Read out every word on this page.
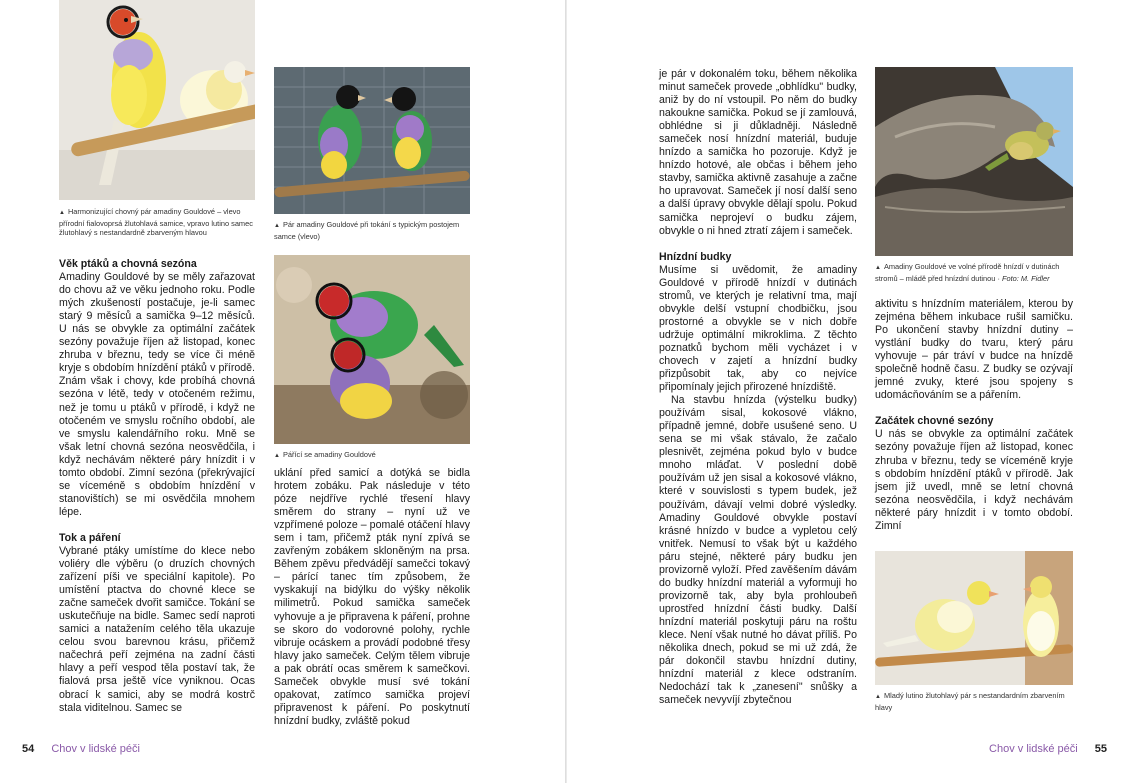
▲ Harmonizující chovný pár amadiny Gouldové – vlevo přírodní fialovoprsá žlutohlavá samice, vpravo lutino samec žlutohlavý s nestandardně zbarveným hlavou
▲ Pár amadiny Gouldové při tokání s typickým postojem samce (vlevo)
▲ Pářící se amadiny Gouldové

Věk ptáků a chovná sezóna

Amadiny Gouldové by se měly zařazovat do chovu až ve věku jednoho roku. Podle mých zkušeností postačuje, je-li samec starý 9 měsíců a samička 9–12 měsíců. U nás se obvykle za optimální začátek sezóny považuje říjen až listopad, konec zhruba v březnu, tedy se více či méně kryje s obdobím hnízdění ptáků v přírodě. Znám však i chovy, kde probíhá chovná sezóna v létě, tedy v otočeném režimu, než je tomu u ptáků v přírodě, i když ne otočeném ve smyslu ročního období, ale ve smyslu kalendářního roku. Mně se však letní chovná sezóna neosvědčila, i když nechávám některé páry hnízdit i v tomto období. Zimní sezóna (překrývající se víceméně s obdobím hnízdění v stanovištích) se mi osvědčila mnohem lépe.

Tok a páření

Vybrané ptáky umístíme do klece nebo voliéry dle výběru (o druzích chovných zařízení píši ve speciální kapitole). Po umístění ptactva do chovné klece se začne sameček dvořit samičce. Tokání se uskutečňuje na bidle. Samec sedí naproti samici a natažením celého těla ukazuje celou svou barevnou krásu, přičemž načechrá peří zejména na zadní části hlavy a peří vespod těla postaví tak, že fialová prsa ještě více vyniknou. Ocas obrací k samici, aby se modrá kostrč stala viditelnou. Samec se

uklání před samicí a dotýká se bidla hrotem zobáku. Pak následuje v této póze nejdříve rychlé třesení hlavy směrem do strany – nyní už ve vzpřímené poloze – pomalé otáčení hlavy sem i tam, přičemž pták nyní zpívá se zavřeným zobákem skloněným na prsa. Během zpěvu předvádějí samečci tokavý – párící tanec tím způsobem, že vyskakují na bidýlku do výšky několik milimetrů. Pokud samička sameček vyhovuje a je připravena k páření, prohne se skoro do vodorovné polohy, rychle vibruje ocáskem a provádí podobné třesy hlavy jako sameček. Celým tělem vibruje a pak obrátí ocas směrem k samečkovi. Sameček obvykle musí své tokání opakovat, zatímco samička projeví připravenost k páření. Po poskytnutí hnízdní budky, zvláště pokud

54 Chov v lidské péči

je pár v dokonalém toku, během několika minut sameček provede „obhlídku" budky, aniž by do ní vstoupil. Po něm do budky nakoukne samička. Pokud se jí zamlouvá, obhlédne si ji důkladněji. Následně sameček nosí hnízdní materiál, buduje hnízdo a samička ho pozoruje. Když je hnízdo hotové, ale občas i během jeho stavby, samička aktivně zasahuje a začne ho upravovat. Sameček jí nosí další seno a další úpravy obvykle dělají spolu. Pokud samička neprojeví o budku zájem, obvykle o ni hned ztratí zájem i sameček.

Hnízdní budky

Musíme si uvědomit, že amadiny Gouldové v přírodě hnízdí v dutinách stromů, ve kterých je relativní tma, mají obvykle delší vstupní chodbičku, jsou prostorné a obvykle se v nich dobře udržuje optimální mikroklima. Z těchto poznatků bychom měli vycházet i v chovech v zajetí a hnízdní budky přizpůsobit tak, aby co nejvíce připomínaly jejich přirozené hnízdiště.

Na stavbu hnízda (výstelku budky) používám sisal, kokosové vlákno, případně jemné, dobře usušené seno. U sena se mi však stávalo, že začalo plesnivět, zejména pokud bylo v budce mnoho mláďat. V poslední době používám už jen sisal a kokosové vlákno, které v souvislosti s typem budek, jež používám, dávají velmi dobré výsledky. Amadiny Gouldové obvykle postaví krásné hnízdo v budce a vypletou celý vnitřek. Nemusí to však být u každého páru stejné, některé páry budku jen provizorně vyloží. Před zavěšením dávám do budky hnízdní materiál a vyformuji ho provizorně tak, aby byla prohloubeň uprostřed hnízdní části budky. Další hnízdní materiál poskytuji páru na roštu klece. Není však nutné ho dávat příliš. Po několika dnech, pokud se mi už zdá, že pár dokončil stavbu hnízdní dutiny, hnízdní materiál z klece odstraním. Nedochází tak k „zanesení" snůšky a sameček nevyvíjí zbytečnou

▲ Amadiny Gouldové ve volné přírodě hnízdí v dutinách stromů – mládě před hnízdní dutinou · Foto: M. Fidler

aktivitu s hnízdním materiálem, kterou by zejména během inkubace rušil samičku. Po ukončení stavby hnízdní dutiny – vystlání budky do tvaru, který páru vyhovuje – pár tráví v budce na hnízdě společně hodně času. Z budky se ozývají jemné zvuky, které jsou spojeny s udomácňováním se a pářením.

Začátek chovné sezóny

U nás se obvykle za optimální začátek sezóny považuje říjen až listopad, konec zhruba v březnu, tedy se víceméně kryje s obdobím hnízdění ptáků v přírodě. Jak jsem již uvedl, mně se letní chovná sezóna neosvědčila, i když nechávám některé páry hnízdit i v tomto období. Zimní

▲ Mladý lutino žlutohlavý pár s nestandardním zbarvením hlavy
Chov v lidské péči 55
